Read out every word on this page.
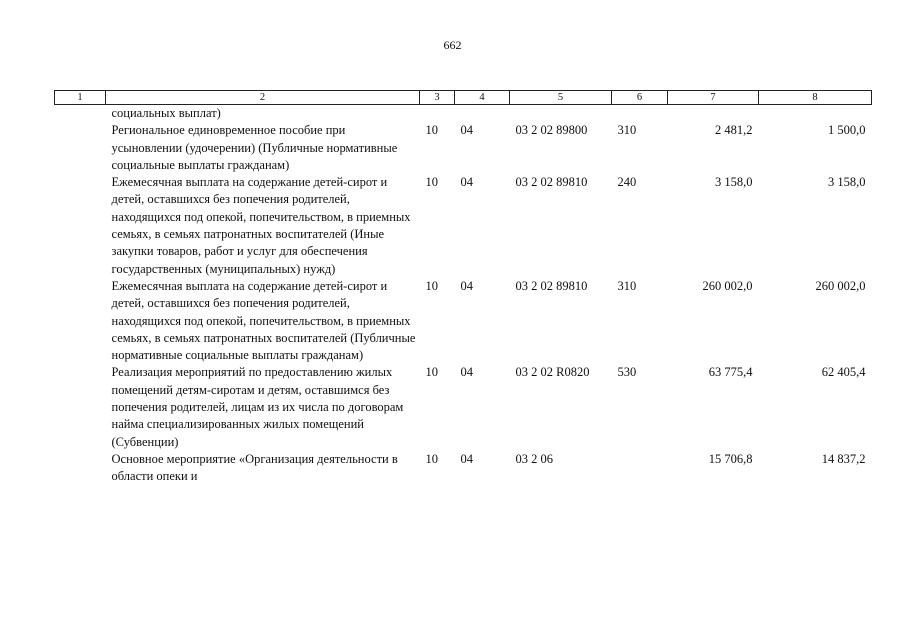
662
1	2	3	4	5	6	7	8
	социальных выплат)						
	Региональное единовременное пособие при усыновлении (удочерении) (Публичные нормативные социальные выплаты гражданам)	10	04	03 2 02 89800	310	2 481,2	1 500,0
	Ежемесячная выплата на содержание детей-сирот и детей, оставшихся без попечения родителей, находящихся под опекой, попечительством, в приемных семьях, в семьях патронатных воспитателей (Иные закупки товаров, работ и услуг для обеспечения государственных (муниципальных) нужд)	10	04	03 2 02 89810	240	3 158,0	3 158,0
	Ежемесячная выплата на содержание детей-сирот и детей, оставшихся без попечения родителей, находящихся под опекой, попечительством, в приемных семьях, в семьях патронатных воспитателей (Публичные нормативные социальные выплаты гражданам)	10	04	03 2 02 89810	310	260 002,0	260 002,0
	Реализация мероприятий по предоставлению жилых помещений детям-сиротам и детям, оставшимся без попечения родителей, лицам из их числа по договорам найма специализированных жилых помещений (Субвенции)	10	04	03 2 02 R0820	530	63 775,4	62 405,4
	Основное мероприятие «Организация деятельности в области опеки и	10	04	03 2 06		15 706,8	14 837,2
